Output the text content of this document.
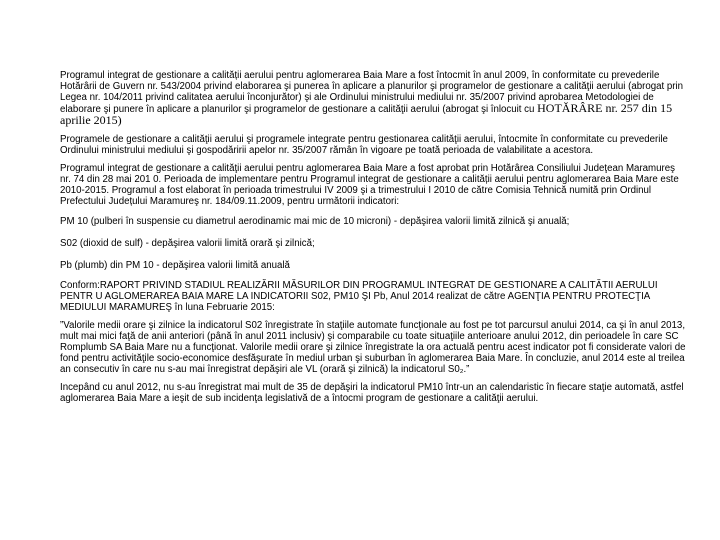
Programul integrat de gestionare a calității aerului pentru aglomerarea Baia Mare a fost întocmit în anul 2009, în conformitate cu prevederile Hotărârii de Guvern nr. 543/2004 privind elaborarea şi punerea în aplicare a planurilor şi programelor de gestionare a calităţii aerului (abrogat prin Legea nr. 104/2011 privind calitatea aerului înconjurător) şi ale Ordinului ministrului mediului nr. 35/2007 privind aprobarea Metodologiei de elaborare şi punere în aplicare a planurilor şi programelor de gestionare a calităţii aerului (abrogat şi înlocuit cu HOTĂRÂRE nr. 257 din 15 aprilie 2015)

Programele de gestionare a calităţii aerului şi programele integrate pentru gestionarea calităţii aerului, întocmite în conformitate cu prevederile Ordinului ministrului mediului şi gospodăririi apelor nr. 35/2007 rămân în vigoare pe toată perioada de valabilitate a acestora.

Programul integrat de gestionare a calităţii aerului pentru aglomerarea Baia Mare a fost aprobat prin Hotărârea Consiliului Judeţean Maramureş nr. 74 din 28 mai 201 0. Perioada de implementare pentru Programul integrat de gestionare a calității aerului pentru aglomerarea Baia Mare este 2010-2015. Programul a fost elaborat în perioada trimestrului IV 2009 şi a trimestrului I 2010 de către Comisia Tehnică numită prin Ordinul Prefectului Județului Maramureş nr. 184/09.11.2009, pentru următorii indicatori:

PM 10 (pulberi în suspensie cu diametrul aerodinamic mai mic de 10 microni) - depăşirea valorii limită zilnică şi anuală;

S02 (dioxid de sulf) - depăşirea valorii limită orară şi zilnică;

Pb (plumb) din PM 10 - depăşirea valorii limită anuală

Conform:RAPORT PRIVIND STADIUL REALIZĂRII MĂSURILOR DIN PROGRAMUL INTEGRAT DE GESTIONARE A CALITĂTII AERULUI PENTR U AGLOMERAREA BAIA MARE LA INDICATORII S02, PM10 ŞI Pb, Anul 2014 realizat de către AGENŢIA PENTRU PROTECŢIA MEDIULUI MARAMUREŞ în luna Februarie 2015:

”Valorile medii orare şi zilnice la indicatorul S02 înregistrate în staţiile automate funcţionale au fost pe tot parcursul anului 2014, ca şi în anul 2013, mult mai mici faţă de anii anteriori (până în anul 2011 inclusiv) şi comparabile cu toate situaţiile anterioare anului 2012, din perioadele în care SC Romplumb SA Baia Mare nu a funcţionat. Valorile medii orare şi zilnice înregistrate la ora actuală pentru acest indicator pot fi considerate valori de fond pentru activităţile socio-economice desfăşurate în mediul urban şi suburban în aglomerarea Baia Mare. În concluzie, anul 2014 este al treilea an consecutiv în care nu s-au mai înregistrat depăşiri ale VL (orară şi zilnică) la indicatorul S0₂.”

Incepând cu anul 2012, nu s-au înregistrat mai mult de 35 de depăşiri la indicatorul PM10 într-un an calendaristic în fiecare staţie automată, astfel aglomerarea Baia Mare a ieşit de sub incidenţa legislativă de a întocmi program de gestionare a calităţii aerului.
